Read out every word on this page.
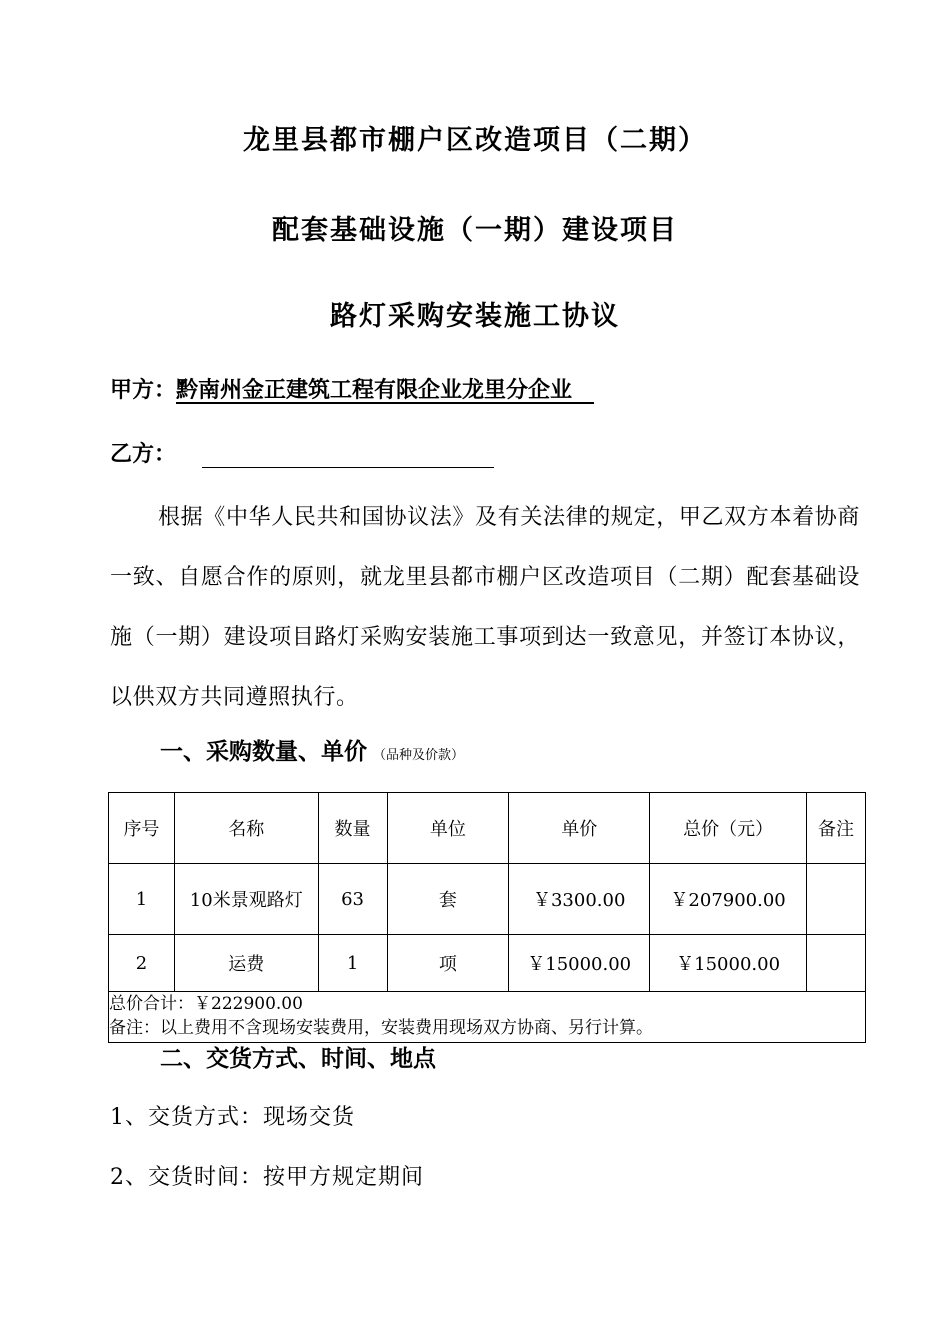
龙里县都市棚户区改造项目（二期）
配套基础设施（一期）建设项目
路灯采购安装施工协议
甲方：黔南州金正建筑工程有限企业龙里分企业　
乙方：
根据《中华人民共和国协议法》及有关法律的规定，甲乙双方本着协商一致、自愿合作的原则，就龙里县都市棚户区改造项目（二期）配套基础设施（一期）建设项目路灯采购安装施工事项到达一致意见，并签订本协议，以供双方共同遵照执行。
一、采购数量、单价 （品种及价款）
序号	名称	数量	单位	单价	总价（元）	备注
1	10米景观路灯	63	套	￥3300.00	￥207900.00	
2	运费	1	项	￥15000.00	￥15000.00	

总价合计：￥222900.00
备注：以上费用不含现场安装费用，安装费用现场双方协商、另行计算。						
二、交货方式、时间、地点
1、交货方式：现场交货
2、交货时间：按甲方规定期间
